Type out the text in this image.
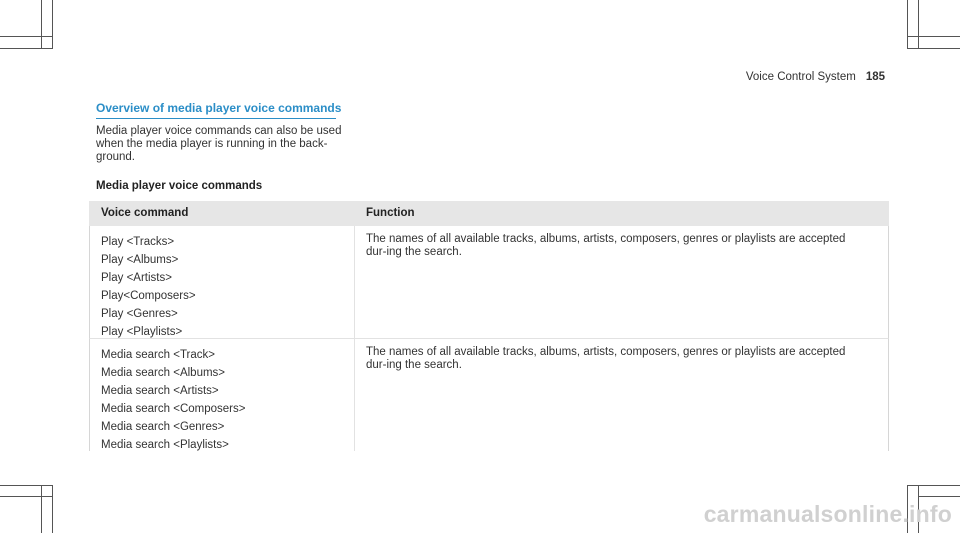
Voice Control System 185
Overview of media player voice commands
Media player voice commands can also be used when the media player is running in the back-ground.
Media player voice commands
Voice command	Function
Play <Tracks>
Play <Albums>
Play <Artists>
Play<Composers>
Play <Genres>
Play <Playlists>
The names of all available tracks, albums, artists, composers, genres or playlists are accepted dur-ing the search.
Media search <Track>
Media search <Albums>
Media search <Artists>
Media search <Composers>
Media search <Genres>
Media search <Playlists>
The names of all available tracks, albums, artists, composers, genres or playlists are accepted dur-ing the search.
carmanualsonline.info
